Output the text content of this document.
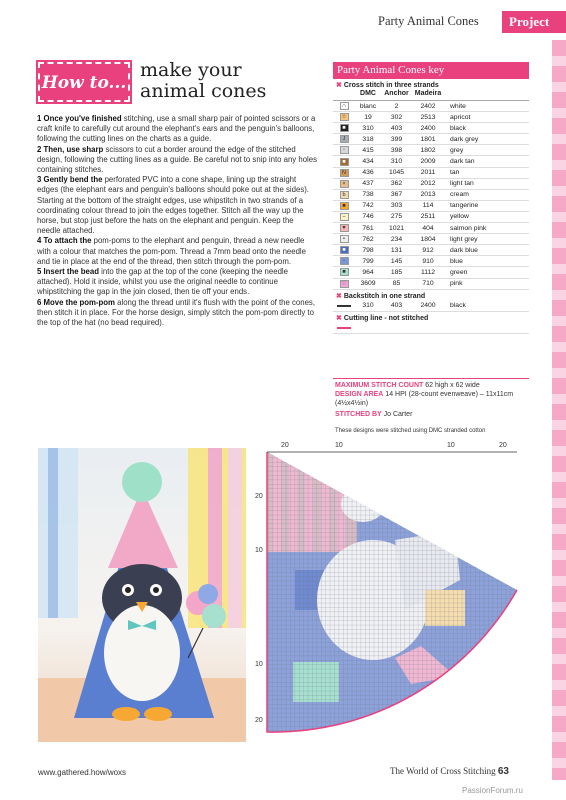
Party Animal Cones	Project
How to...
make your animal cones

1 Once you've finished stitching, use a small sharp pair of pointed scissors or a craft knife to carefully cut around the elephant's ears and the penguin's balloons, following the cutting lines on the charts as a guide.

2 Then, use sharp scissors to cut a border around the edge of the stitched design, following the cutting lines as a guide. Be careful not to snip into any holes containing stitches.

3 Gently bend the perforated PVC into a cone shape, lining up the straight edges (the elephant ears and penguin's balloons should poke out at the sides). Starting at the bottom of the straight edges, use whipstitch in two strands of a coordinating colour thread to join the edges together. Stitch all the way up the horse, but stop just before the hats on the elephant and penguin. Keep the needle attached.

4 To attach the pom-poms to the elephant and penguin, thread a new needle with a colour that matches the pom-pom. Thread a 7mm bead onto the needle and tie in place at the end of the thread, then stitch through the pom-pom.

5 Insert the bead into the gap at the top of the cone (keeping the needle attached). Hold it inside, whilst you use the original needle to continue whipstitching the gap in the join closed, then tie off your ends.

6 Move the pom-pom along the thread until it's flush with the point of the cones, then stitch it in place. For the horse design, simply stitch the pom-pom directly to the top of the hat (no bead required).

Party Animal Cones key
✖ Cross stitch in three strands
DMC	Anchor Madeira
∩	blanc	2	2402	white
☆	19	302	2513	apricot
■	310	403	2400	black
J	318	399	1801	dark grey
◦	415	398	1802	grey
■	434	310	2009	dark tan
N	436	1045	2011	tan
×	437	362	2012	light tan
b	738	367	2013	cream
■	742	303	114	tangerine
−	746	275	2511	yellow
♥	761	1021	404	salmon pink
•	762	234	1804	light grey
■	798	131	912	dark blue
◦	799	145	910	blue
■	964	185	1112	green
♡	3609	85	710	pink
✖ Backstitch in one strand
310	403	2400	black
✖ Cutting line - not stitched
MAXIMUM STITCH COUNT 62 high x 62 wide
DESIGN AREA 14 HPI (28-count evenweave) – 11x11cm (4½x4½in)
STITCHED BY Jo Carter
These designs were stitched using DMC stranded cotton
20	10	10	20
20
10
10
20
www.gathered.how/woxs	The World of Cross Stitching 63
PassionForum.ru
